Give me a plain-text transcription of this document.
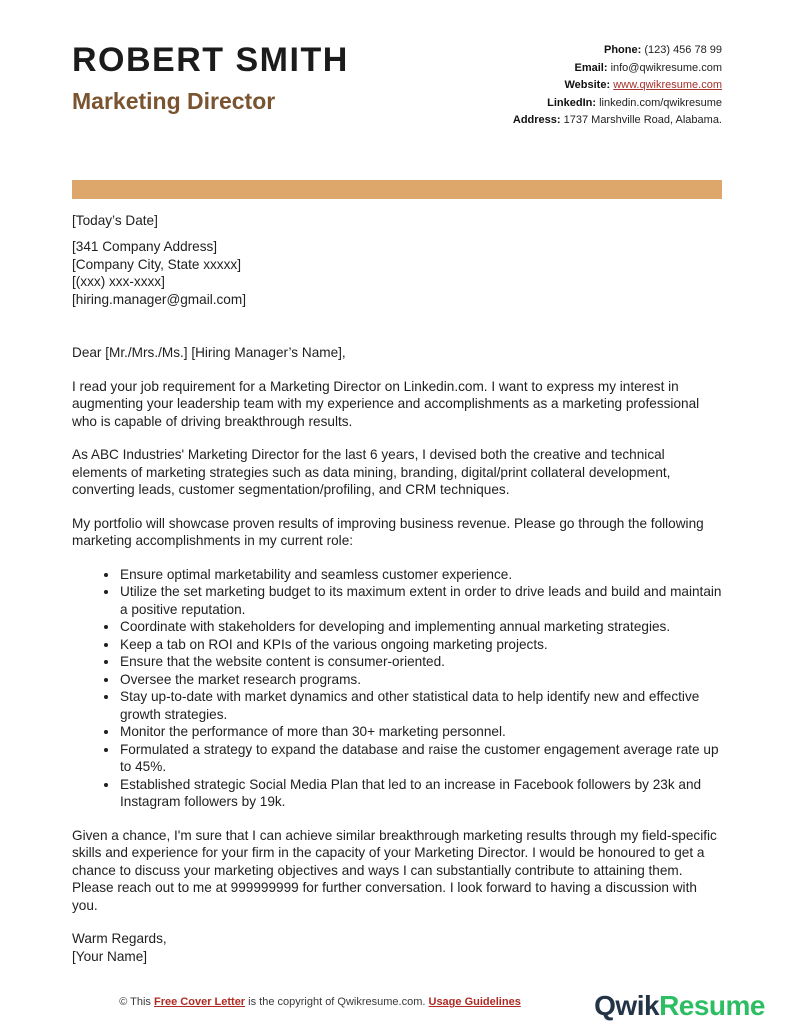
ROBERT SMITH
Marketing Director
Phone: (123) 456 78 99
Email: info@qwikresume.com
Website: www.qwikresume.com
LinkedIn: linkedin.com/qwikresume
Address: 1737 Marshville Road, Alabama.

[Today’s Date]

[341 Company Address]
[Company City, State xxxxx]
[(xxx) xxx-xxxx]
[hiring.manager@gmail.com]

Dear [Mr./Mrs./Ms.] [Hiring Manager’s Name],

I read your job requirement for a Marketing Director on Linkedin.com. I want to express my interest in augmenting your leadership team with my experience and accomplishments as a marketing professional who is capable of driving breakthrough results.

As ABC Industries' Marketing Director for the last 6 years, I devised both the creative and technical elements of marketing strategies such as data mining, branding, digital/print collateral development, converting leads, customer segmentation/profiling, and CRM techniques.

My portfolio will showcase proven results of improving business revenue. Please go through the following marketing accomplishments in my current role:

• Ensure optimal marketability and seamless customer experience.
• Utilize the set marketing budget to its maximum extent in order to drive leads and build and maintain a positive reputation.
• Coordinate with stakeholders for developing and implementing annual marketing strategies.
• Keep a tab on ROI and KPIs of the various ongoing marketing projects.
• Ensure that the website content is consumer-oriented.
• Oversee the market research programs.
• Stay up-to-date with market dynamics and other statistical data to help identify new and effective growth strategies.
• Monitor the performance of more than 30+ marketing personnel.
• Formulated a strategy to expand the database and raise the customer engagement average rate up to 45%.
• Established strategic Social Media Plan that led to an increase in Facebook followers by 23k and Instagram followers by 19k.

Given a chance, I'm sure that I can achieve similar breakthrough marketing results through my field-specific skills and experience for your firm in the capacity of your Marketing Director. I would be honoured to get a chance to discuss your marketing objectives and ways I can substantially contribute to attaining them. Please reach out to me at 999999999 for further conversation. I look forward to having a discussion with you.

Warm Regards,
[Your Name]
© This Free Cover Letter is the copyright of Qwikresume.com. Usage Guidelines	QwikResume
